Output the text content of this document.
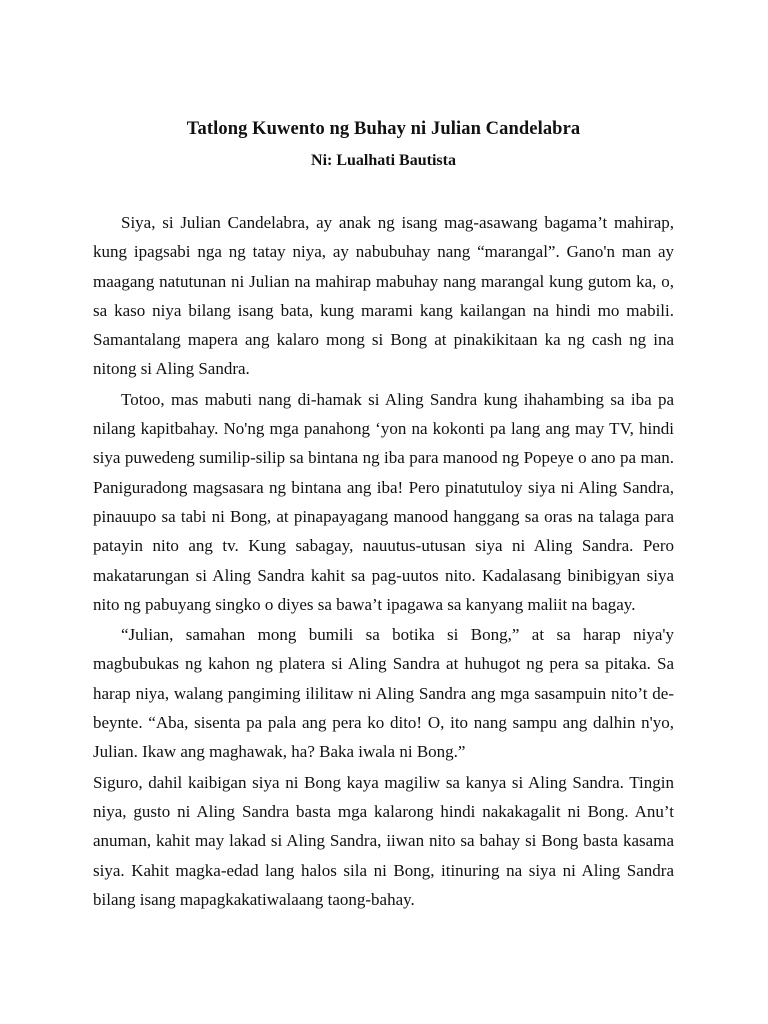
Tatlong Kuwento ng Buhay ni Julian Candelabra
Ni: Lualhati Bautista

Siya, si Julian Candelabra, ay anak ng isang mag-asawang bagama’t mahirap, kung ipagsabi nga ng tatay niya, ay nabubuhay nang “marangal”. Gano'n man ay maagang natutunan ni Julian na mahirap mabuhay nang marangal kung gutom ka, o, sa kaso niya bilang isang bata, kung marami kang kailangan na hindi mo mabili. Samantalang mapera ang kalaro mong si Bong at pinakikitaan ka ng cash ng ina nitong si Aling Sandra.

Totoo, mas mabuti nang di-hamak si Aling Sandra kung ihahambing sa iba pa nilang kapitbahay. No'ng mga panahong ‘yon na kokonti pa lang ang may TV, hindi siya puwedeng sumilip-silip sa bintana ng iba para manood ng Popeye o ano pa man. Paniguradong magsasara ng bintana ang iba! Pero pinatutuloy siya ni Aling Sandra, pinauupo sa tabi ni Bong, at pinapayagang manood hanggang sa oras na talaga para patayin nito ang tv. Kung sabagay, nauutus-utusan siya ni Aling Sandra. Pero makatarungan si Aling Sandra kahit sa pag-uutos nito. Kadalasang binibigyan siya nito ng pabuyang singko o diyes sa bawa’t ipagawa sa kanyang maliit na bagay.

“Julian, samahan mong bumili sa botika si Bong,” at sa harap niya'y magbubukas ng kahon ng platera si Aling Sandra at huhugot ng pera sa pitaka. Sa harap niya, walang pangiming ililitaw ni Aling Sandra ang mga sasampuin nito’t de-beynte. “Aba, sisenta pa pala ang pera ko dito! O, ito nang sampu ang dalhin n'yo, Julian. Ikaw ang maghawak, ha? Baka iwala ni Bong.”

Siguro, dahil kaibigan siya ni Bong kaya magiliw sa kanya si Aling Sandra. Tingin niya, gusto ni Aling Sandra basta mga kalarong hindi nakakagalit ni Bong. Anu’t anuman, kahit may lakad si Aling Sandra, iiwan nito sa bahay si Bong basta kasama siya. Kahit magka-edad lang halos sila ni Bong, itinuring na siya ni Aling Sandra bilang isang mapagkakatiwalaang taong-bahay.
